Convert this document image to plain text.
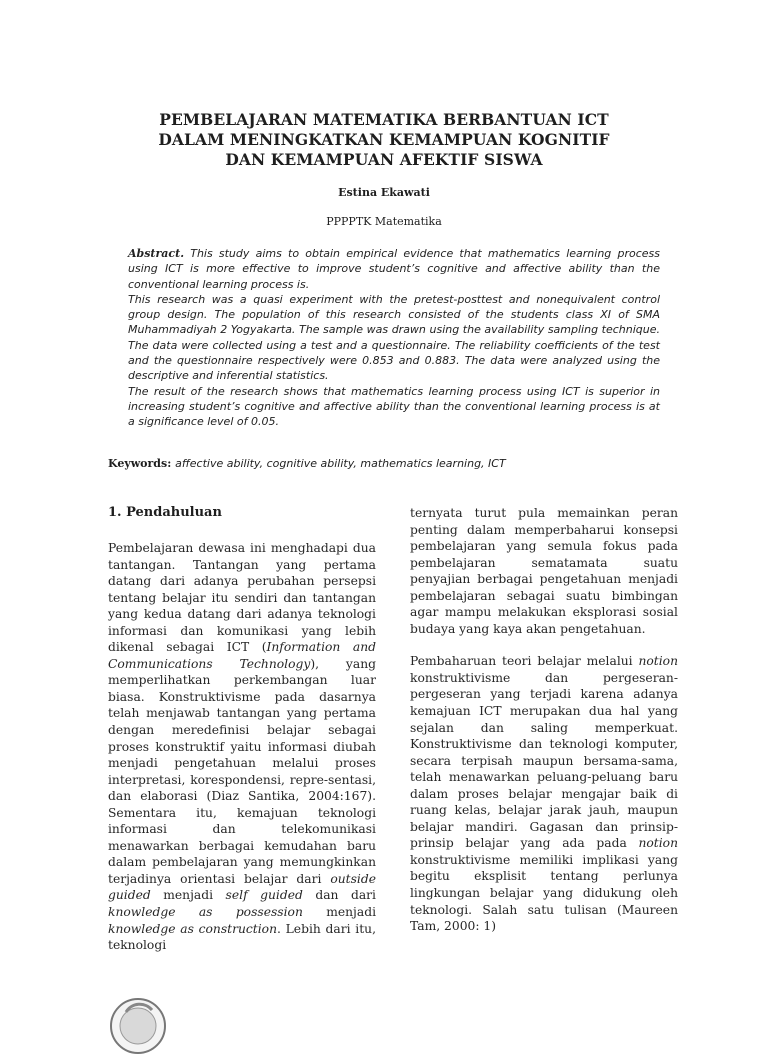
PEMBELAJARAN MATEMATIKA BERBANTUAN ICT
DALAM MENINGKATKAN KEMAMPUAN KOGNITIF
DAN KEMAMPUAN AFEKTIF SISWA
Estina Ekawati
PPPPTK Matematika

Abstract. This study aims to obtain empirical evidence that mathematics learning process using ICT is more effective to improve student’s cognitive and affective ability than the conventional learning process is.

This research was a quasi experiment with the pretest-posttest and nonequivalent control group design. The population of this research consisted of the students class XI of SMA Muhammadiyah 2 Yogyakarta. The sample was drawn using the availability sampling technique. The data were collected using a test and a questionnaire. The reliability coefficients of the test and the questionnaire respectively were 0.853 and 0.883. The data were analyzed using the descriptive and inferential statistics.

The result of the research shows that mathematics learning process using ICT is superior in increasing student’s cognitive and affective ability than the conventional learning process is at a significance level of 0.05.

Keywords: affective ability, cognitive ability, mathematics learning, ICT
1. Pendahuluan

Pembelajaran dewasa ini menghadapi dua tantangan. Tantangan yang pertama datang dari adanya perubahan persepsi tentang belajar itu sendiri dan tantangan yang kedua datang dari adanya teknologi informasi dan komunikasi yang lebih dikenal sebagai ICT (Information and Communications Technology), yang memperlihatkan perkembangan luar biasa. Konstruktivisme pada dasarnya telah menjawab tantangan yang pertama dengan meredefinisi belajar sebagai proses konstruktif yaitu informasi diubah menjadi pengetahuan melalui proses interpretasi, korespondensi, repre-sentasi, dan elaborasi (Diaz Santika, 2004:167). Sementara itu, kemajuan teknologi informasi dan telekomunikasi menawarkan berbagai kemudahan baru dalam pembelajaran yang memungkinkan terjadinya orientasi belajar dari outside guided menjadi self guided dan dari knowledge as possession menjadi knowledge as construction. Lebih dari itu, teknologi

ternyata turut pula memainkan peran penting dalam memperbaharui konsepsi pembelajaran yang semula fokus pada pembelajaran sematamata suatu penyajian berbagai pengetahuan menjadi pembelajaran sebagai suatu bimbingan agar mampu melakukan eksplorasi sosial budaya yang kaya akan pengetahuan.

Pembaharuan teori belajar melalui notion konstruktivisme dan pergeseran-pergeseran yang terjadi karena adanya kemajuan ICT merupakan dua hal yang sejalan dan saling memperkuat. Konstruktivisme dan teknologi komputer, secara terpisah maupun bersama-sama, telah menawarkan peluang-peluang baru dalam proses belajar mengajar baik di ruang kelas, belajar jarak jauh, maupun belajar mandiri. Gagasan dan prinsip-prinsip belajar yang ada pada notion konstruktivisme memiliki implikasi yang begitu eksplisit tentang perlunya lingkungan belajar yang didukung oleh teknologi. Salah satu tulisan (Maureen Tam, 2000: 1)
